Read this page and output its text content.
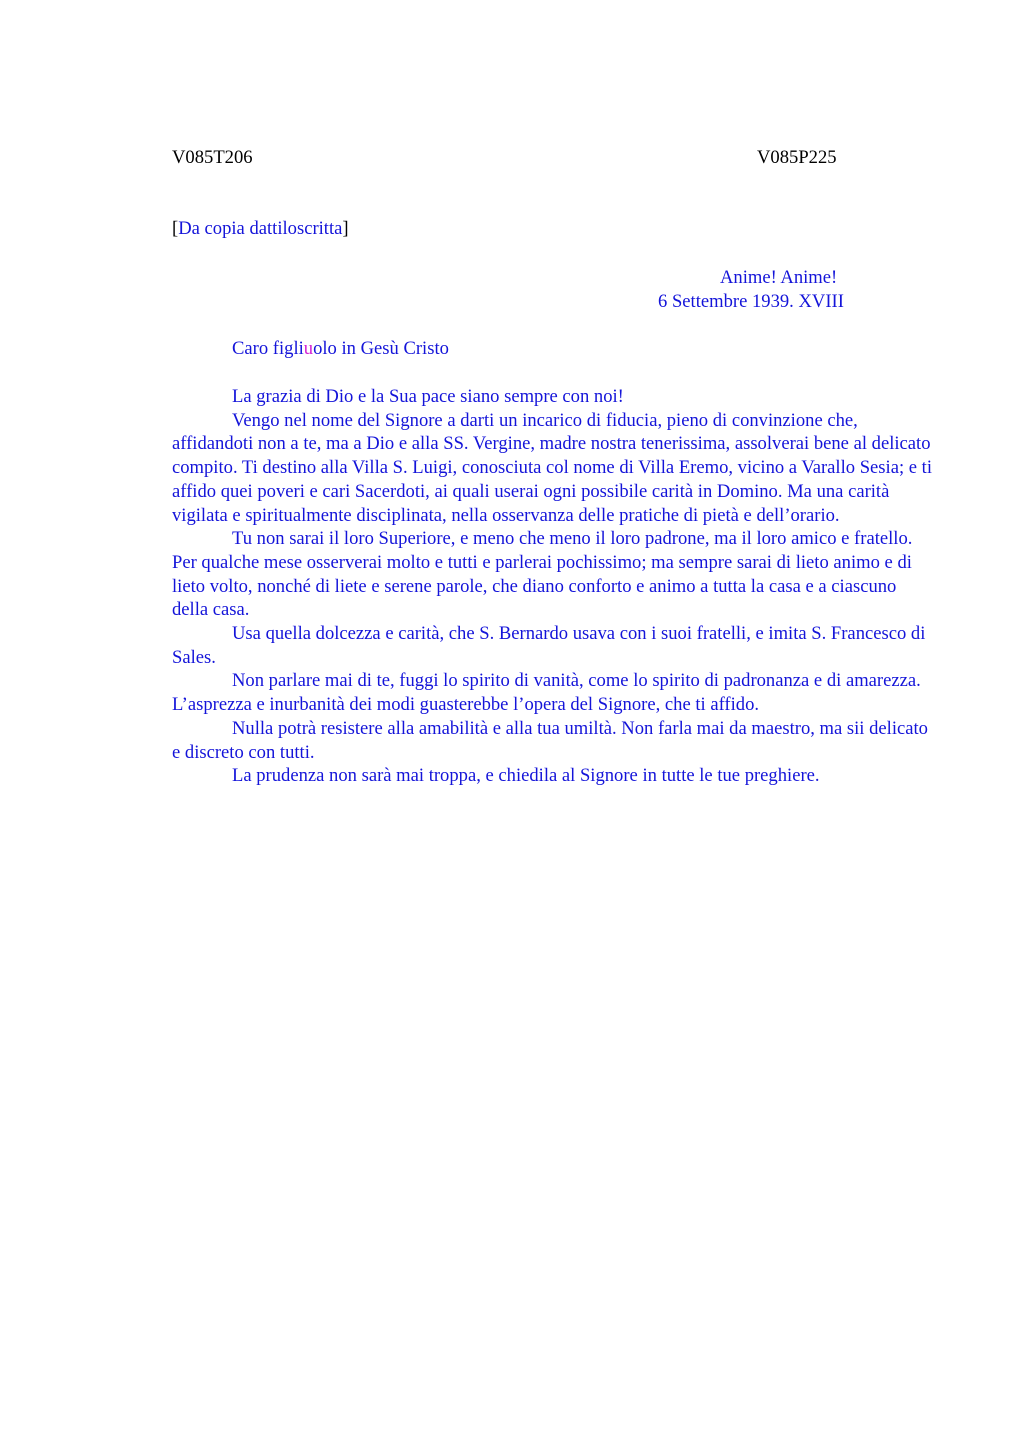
V085T206	V085P225
[Da copia dattiloscritta]
Anime! Anime!
6 Settembre 1939. XVIII
Caro figliuolo in Gesù Cristo

La grazia di Dio e la Sua pace siano sempre con noi!

Vengo nel nome del Signore a darti un incarico di fiducia, pieno di convinzione che, affidandoti non a te, ma a Dio e alla SS. Vergine, madre nostra tenerissima, assolverai bene al delicato compito. Ti destino alla Villa S. Luigi, conosciuta col nome di Villa Eremo, vicino a Varallo Sesia; e ti affido quei poveri e cari Sacerdoti, ai quali userai ogni possibile carità in Domino. Ma una carità vigilata e spiritualmente disciplinata, nella osservanza delle pratiche di pietà e dell’orario.

Tu non sarai il loro Superiore, e meno che meno il loro padrone, ma il loro amico e fratello. Per qualche mese osserverai molto e tutti e parlerai pochissimo; ma sempre sarai di lieto animo e di lieto volto, nonché di liete e serene parole, che diano conforto e animo a tutta la casa e a ciascuno della casa.

Usa quella dolcezza e carità, che S. Bernardo usava con i suoi fratelli, e imita S. Francesco di Sales.

Non parlare mai di te, fuggi lo spirito di vanità, come lo spirito di padronanza e di amarezza. L’asprezza e inurbanità dei modi guasterebbe l’opera del Signore, che ti affido.

Nulla potrà resistere alla amabilità e alla tua umiltà. Non farla mai da maestro, ma sii delicato e discreto con tutti.

La prudenza non sarà mai troppa, e chiedila al Signore in tutte le tue preghiere.
